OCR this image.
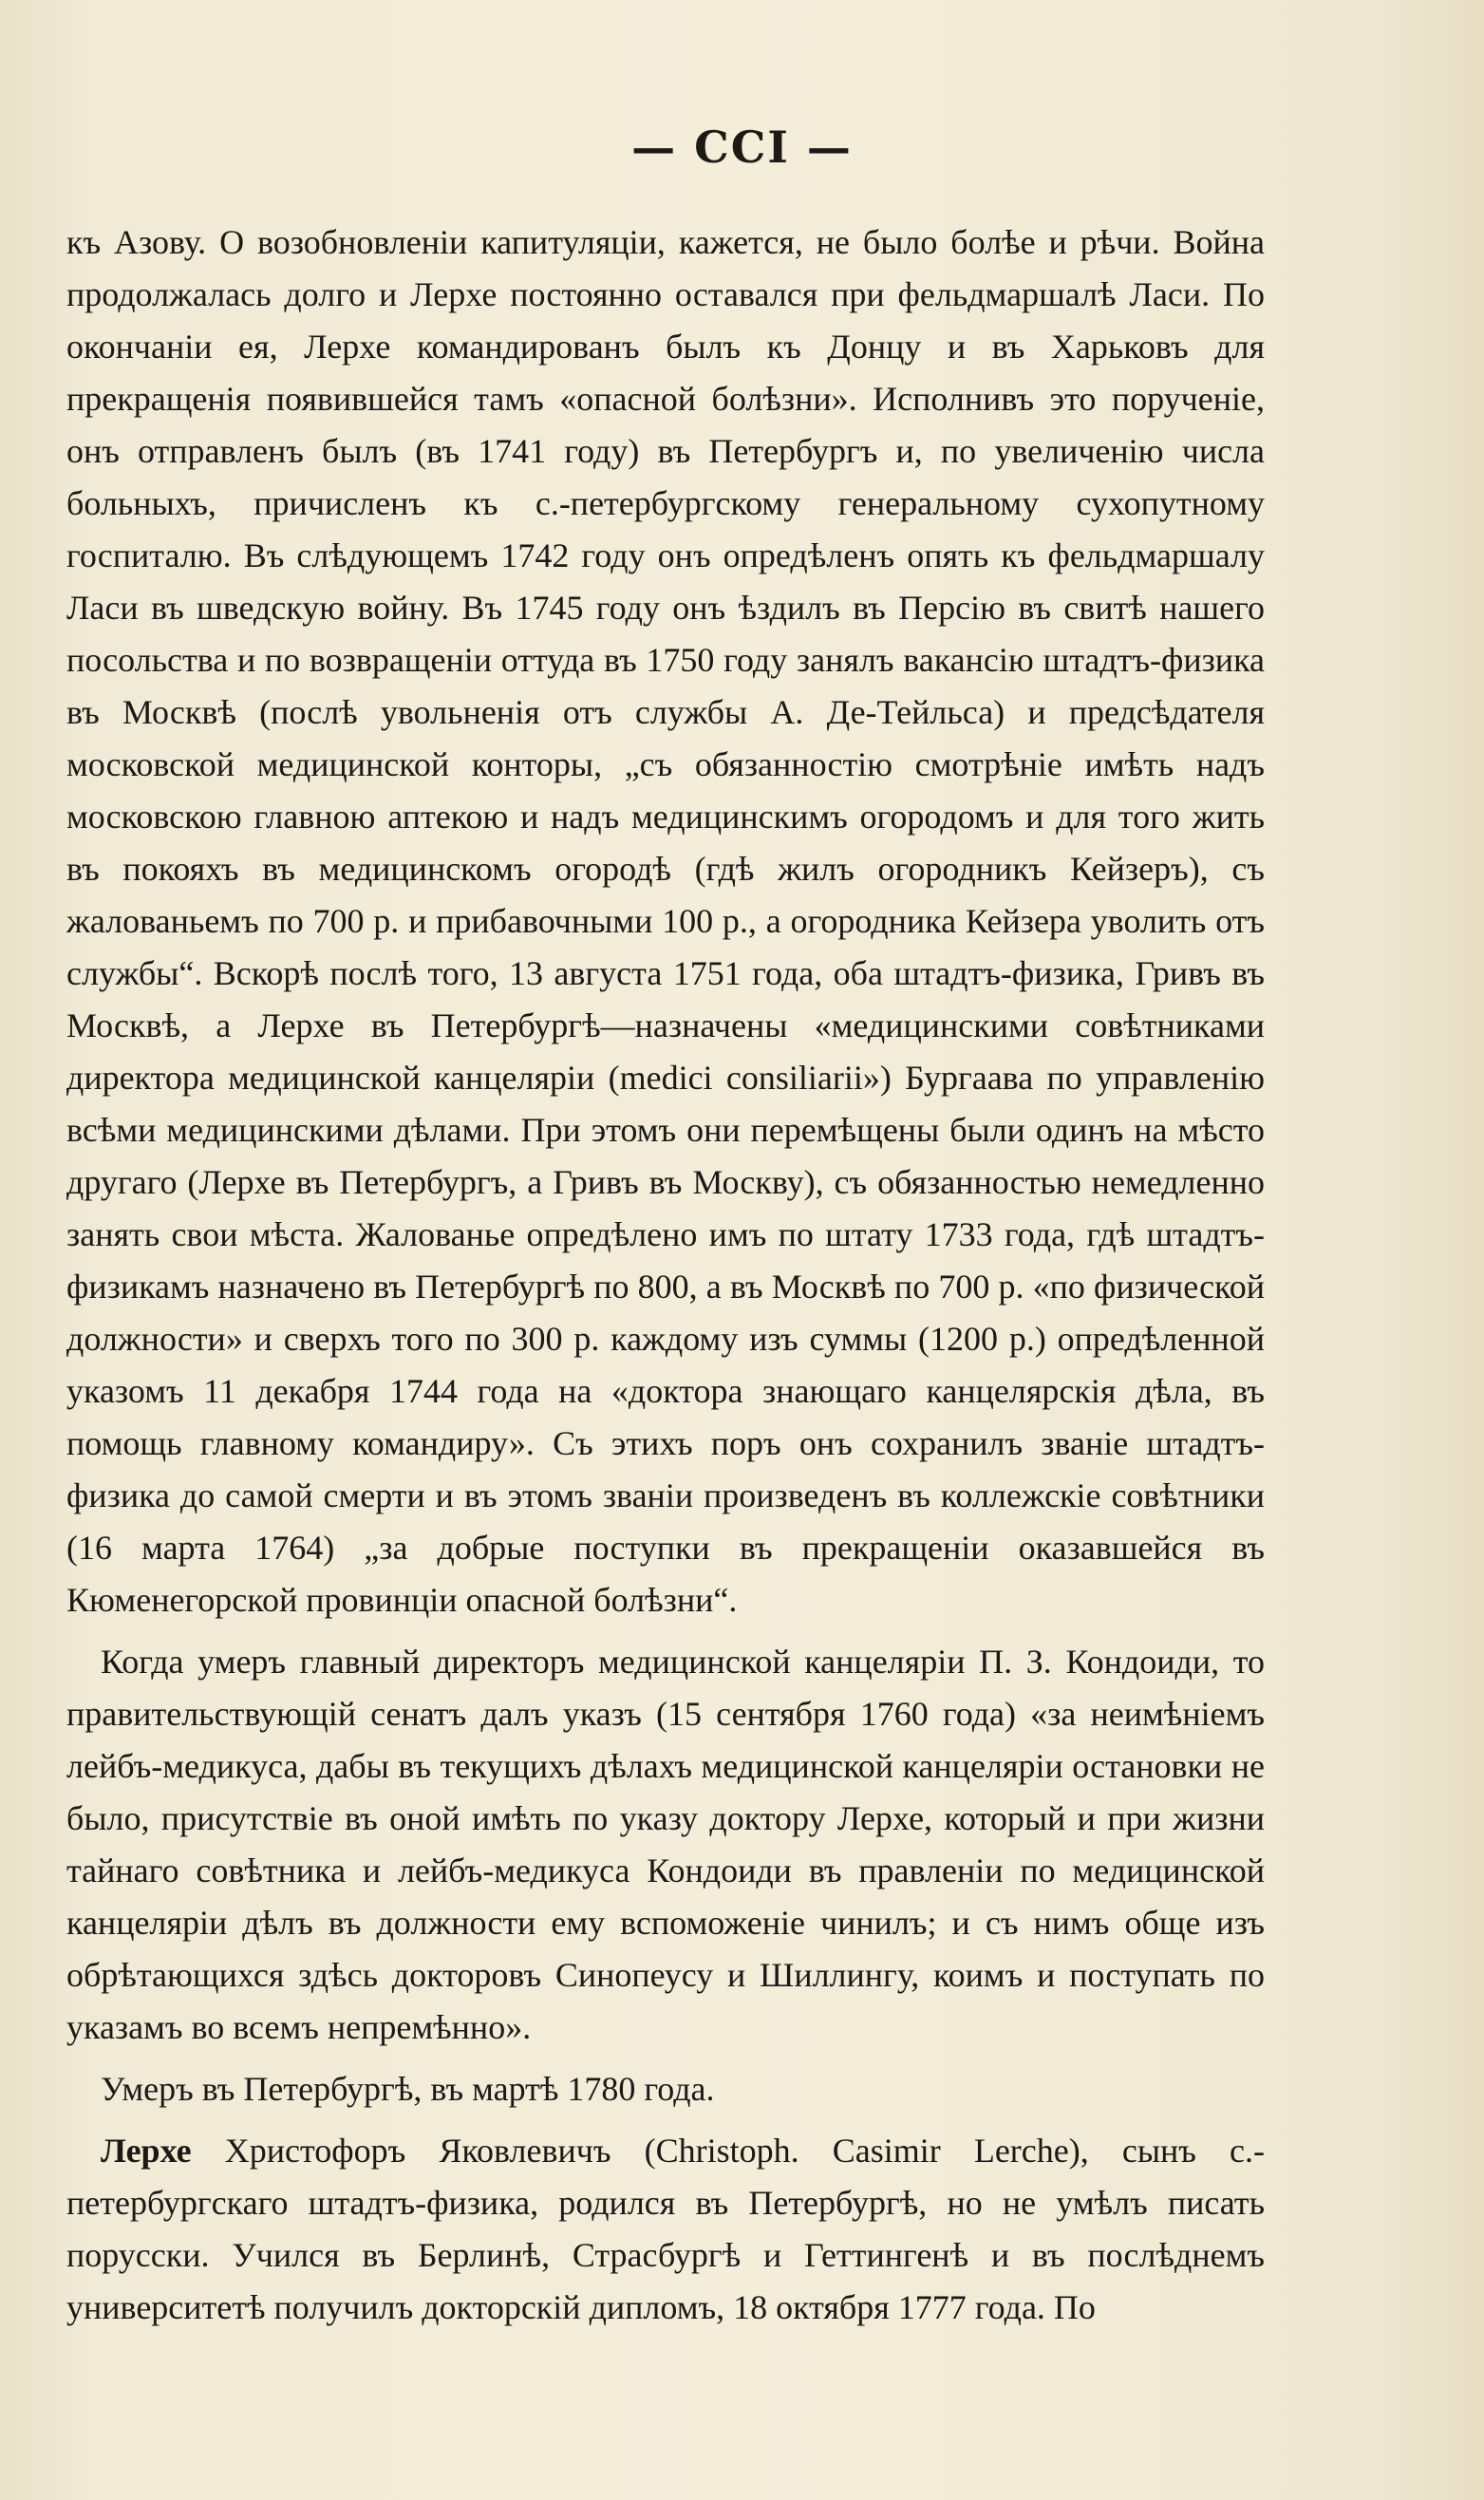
— CCI —

къ Азову. О возобновленіи капитуляціи, кажется, не было болѣе и рѣчи. Война продолжалась долго и Лерхе постоянно оставался при фельдмаршалѣ Ласи. По окончаніи ея, Лерхе командированъ былъ къ Донцу и въ Харьковъ для прекращенія появившейся тамъ «опасной болѣзни». Исполнивъ это порученіе, онъ отправленъ былъ (въ 1741 году) въ Петербургъ и, по увеличенію числа больныхъ, причисленъ къ с.-петербургскому генеральному сухопутному госпиталю. Въ слѣдующемъ 1742 году онъ опредѣленъ опять къ фельдмаршалу Ласи въ шведскую войну. Въ 1745 году онъ ѣздилъ въ Персію въ свитѣ нашего посольства и по возвращеніи оттуда въ 1750 году занялъ вакансію штадтъ-физика въ Москвѣ (послѣ увольненія отъ службы А. Де-Тейльса) и предсѣдателя московской медицинской конторы, „съ обязанностію смотрѣніе имѣть надъ московскою главною аптекою и надъ медицинскимъ огородомъ и для того жить въ покояхъ въ медицинскомъ огородѣ (гдѣ жилъ огородникъ Кейзеръ), съ жалованьемъ по 700 р. и прибавочными 100 р., а огородника Кейзера уволить отъ службы“. Вскорѣ послѣ того, 13 августа 1751 года, оба штадтъ-физика, Гривъ въ Москвѣ, а Лерхе въ Петербургѣ—назначены «медицинскими совѣтниками директора медицинской канцеляріи (medici consiliarii») Бургаава по управленію всѣми медицинскими дѣлами. При этомъ они перемѣщены были одинъ на мѣсто другаго (Лерхе въ Петербургъ, а Гривъ въ Москву), съ обязанностью немедленно занять свои мѣста. Жалованье опредѣлено имъ по штату 1733 года, гдѣ штадтъ-физикамъ назначено въ Петербургѣ по 800, а въ Москвѣ по 700 р. «по физической должности» и сверхъ того по 300 р. каждому изъ суммы (1200 р.) опредѣленной указомъ 11 декабря 1744 года на «доктора знающаго канцелярскія дѣла, въ помощь главному командиру». Съ этихъ поръ онъ сохранилъ званіе штадтъ-физика до самой смерти и въ этомъ званіи произведенъ въ коллежскіе совѣтники (16 марта 1764) „за добрые поступки въ прекращеніи оказавшейся въ Кюменегорской провинціи опасной болѣзни“.

Когда умеръ главный директоръ медицинской канцеляріи П. З. Кондоиди, то правительствующій сенатъ далъ указъ (15 сентября 1760 года) «за неимѣніемъ лейбъ-медикуса, дабы въ текущихъ дѣлахъ медицинской канцеляріи остановки не было, присутствіе въ оной имѣть по указу доктору Лерхе, который и при жизни тайнаго совѣтника и лейбъ-медикуса Кондоиди въ правленіи по медицинской канцеляріи дѣлъ въ должности ему вспоможеніе чинилъ; и съ нимъ обще изъ обрѣтающихся здѣсь докторовъ Синопеусу и Шиллингу, коимъ и поступать по указамъ во всемъ непремѣнно».

Умеръ въ Петербургѣ, въ мартѣ 1780 года.

Лерхе Христофоръ Яковлевичъ (Christoph. Casimir Lerche), сынъ с.-петербургскаго штадтъ-физика, родился въ Петербургѣ, но не умѣлъ писать порусски. Учился въ Берлинѣ, Страсбургѣ и Геттингенѣ и въ послѣднемъ университетѣ получилъ докторскій дипломъ, 18 октября 1777 года. По
